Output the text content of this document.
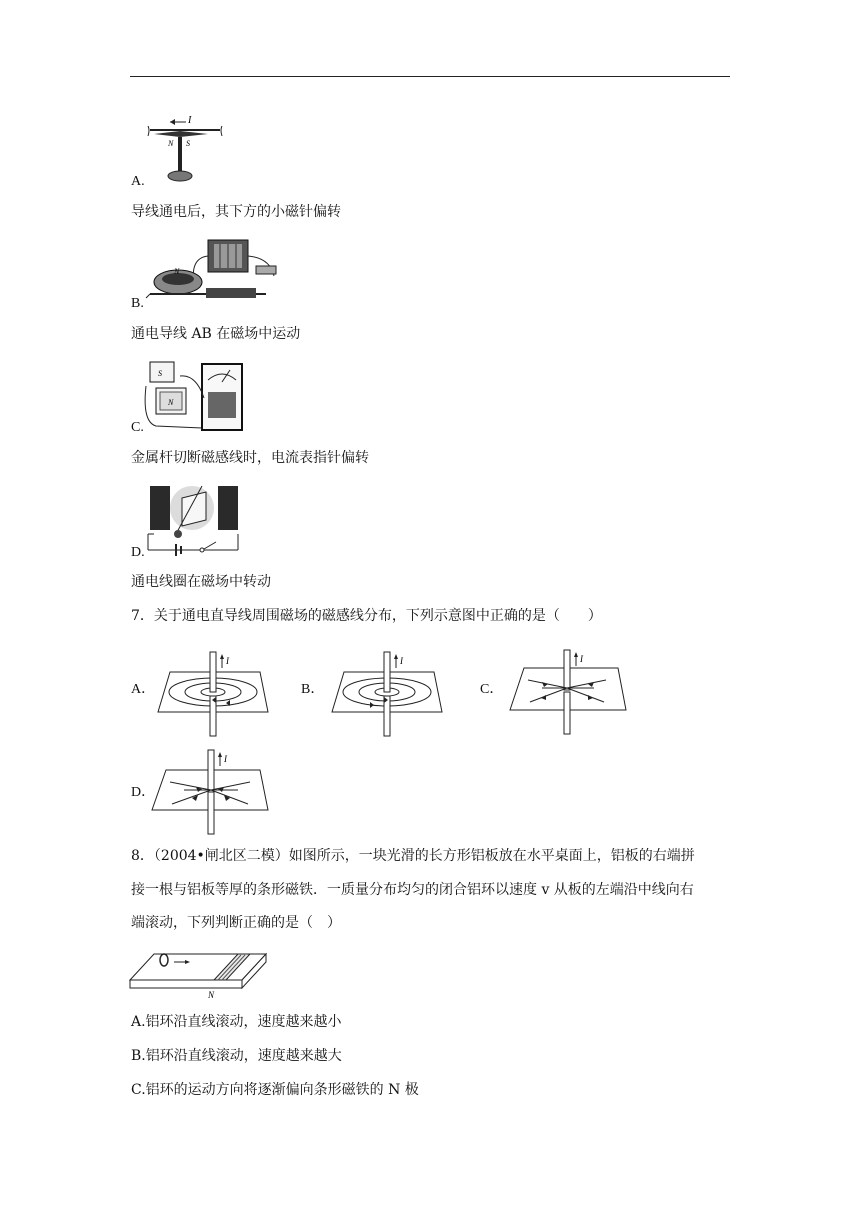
I
N S
A.
导线通电后，其下方的小磁针偏转
N
B.
通电导线 AB 在磁场中运动
S
N
C.
金属杆切断磁感线时，电流表指针偏转
D.
通电线圈在磁场中转动
7．关于通电直导线周围磁场的磁感线分布，下列示意图中正确的是（　　）
A．
I
B．
I
C．
I
D．
I
8．（2004•闸北区二模）如图所示，一块光滑的长方形铝板放在水平桌面上，铝板的右端拼
接一根与铝板等厚的条形磁铁．一质量分布均匀的闭合铝环以速度 v 从板的左端沿中线向右
端滚动，下列判断正确的是（　）
N
A.铝环沿直线滚动，速度越来越小
B.铝环沿直线滚动，速度越来越大
C.铝环的运动方向将逐渐偏向条形磁铁的 N 极
